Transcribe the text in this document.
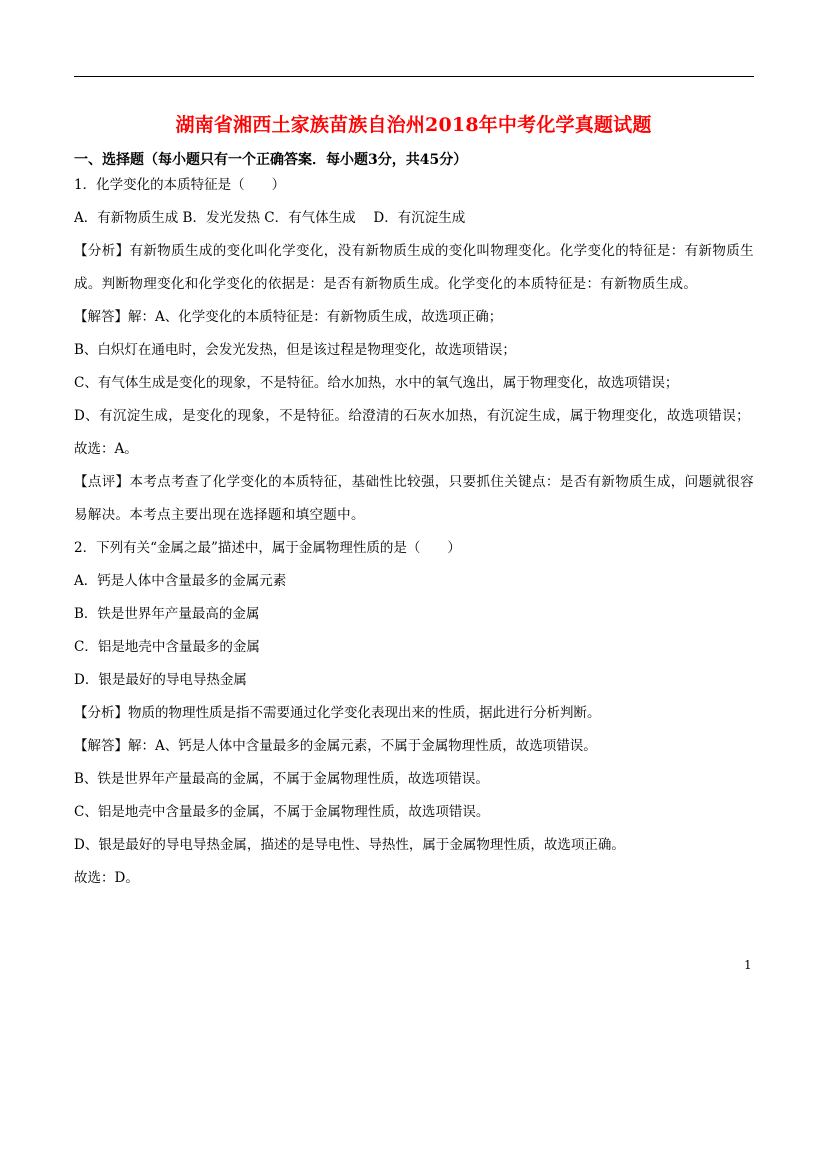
湖南省湘西土家族苗族自治州2018年中考化学真题试题
一、选择题（每小题只有一个正确答案．每小题3分，共45分）
1．化学变化的本质特征是（　　）
A．有新物质生成 B．发光发热 C．有气体生成　 D．有沉淀生成
【分析】有新物质生成的变化叫化学变化，没有新物质生成的变化叫物理变化。化学变化的特征是：有新物质生成。判断物理变化和化学变化的依据是：是否有新物质生成。化学变化的本质特征是：有新物质生成。
【解答】解：A、化学变化的本质特征是：有新物质生成，故选项正确；
B、白炽灯在通电时，会发光发热，但是该过程是物理变化，故选项错误；
C、有气体生成是变化的现象，不是特征。给水加热，水中的氧气逸出，属于物理变化，故选项错误；
D、有沉淀生成，是变化的现象，不是特征。给澄清的石灰水加热，有沉淀生成，属于物理变化，故选项错误；
故选：A。
【点评】本考点考查了化学变化的本质特征，基础性比较强，只要抓住关键点：是否有新物质生成，问题就很容易解决。本考点主要出现在选择题和填空题中。
2．下列有关“金属之最”描述中，属于金属物理性质的是（　　）
A．钙是人体中含量最多的金属元素
B．铁是世界年产量最高的金属
C．铝是地壳中含量最多的金属
D．银是最好的导电导热金属
【分析】物质的物理性质是指不需要通过化学变化表现出来的性质，据此进行分析判断。
【解答】解：A、钙是人体中含量最多的金属元素，不属于金属物理性质，故选项错误。
B、铁是世界年产量最高的金属，不属于金属物理性质，故选项错误。
C、铝是地壳中含量最多的金属，不属于金属物理性质，故选项错误。
D、银是最好的导电导热金属，描述的是导电性、导热性，属于金属物理性质，故选项正确。
故选：D。
1
